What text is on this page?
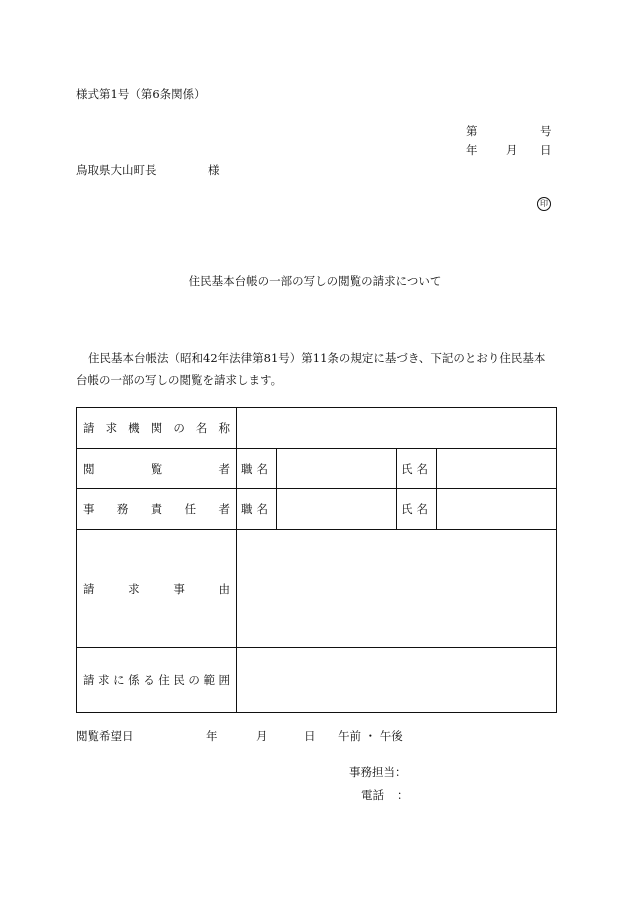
様式第1号（第6条関係）
第	号
年 月 日
鳥取県大山町長	様
印
住民基本台帳の一部の写しの閲覧の請求について
住民基本台帳法（昭和42年法律第81号）第11条の規定に基づき、下記のとおり住民基本台帳の一部の写しの閲覧を請求します。
請求機関の名称				
閲覧者	職名		氏名	
事務責任者	職名		氏名	
請求事由				
請求に係る住民の範囲				
閲覧希望日	年	月	日 午前 ・ 午後
事務担当：
電話 ：
